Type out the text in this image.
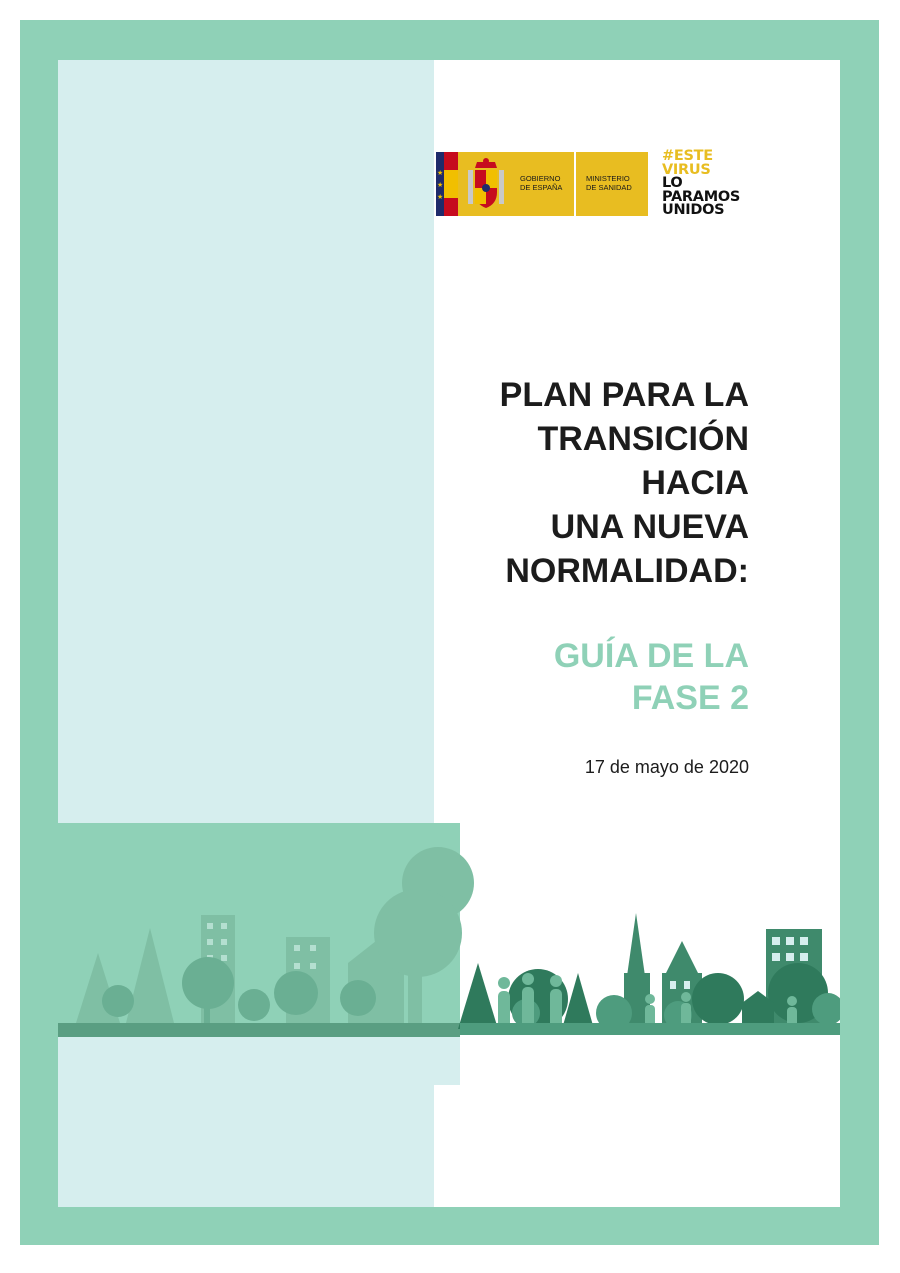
★
★
★
GOBIERNO
DE ESPAÑA
MINISTERIO
DE SANIDAD
#ESTE
VIRUS
LO
PARAMOS
UNIDOS
PLAN PARA LA
TRANSICIÓN
HACIA
UNA NUEVA
NORMALIDAD:
GUÍA DE LA
FASE 2
17 de mayo de 2020
